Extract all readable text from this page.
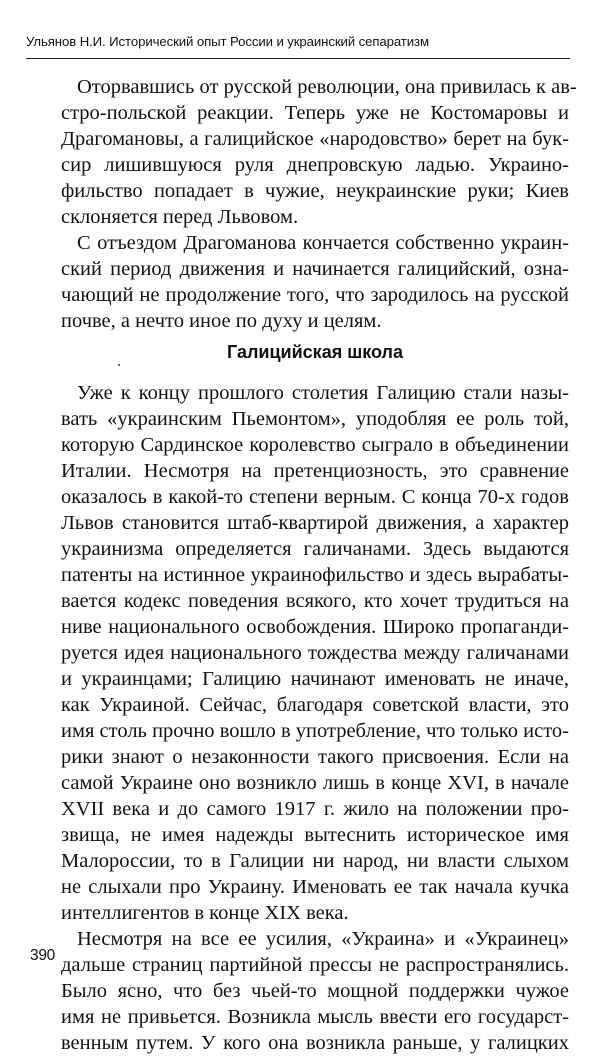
Ульянов Н.И. Исторический опыт России и украинский сепаратизм
Оторвавшись от русской революции, она привилась к ав-
стро-польской реакции. Теперь уже не Костомаровы и
Драгомановы, а галицийское «народовство» берет на бук-
сир лишившуюся руля днепровскую ладью. Украино-
фильство попадает в чужие, неукраинские руки; Киев
склоняется перед Львовом.
С отъездом Драгоманова кончается собственно украин-
ский период движения и начинается галицийский, озна-
чающий не продолжение того, что зародилось на русской
почве, а нечто иное по духу и целям.
Галицийская школа
Уже к концу прошлого столетия Галицию стали назы-
вать «украинским Пьемонтом», уподобляя ее роль той,
которую Сардинское королевство сыграло в объединении
Италии. Несмотря на претенциозность, это сравнение
оказалось в какой-то степени верным. С конца 70-х годов
Львов становится штаб-квартирой движения, а характер
украинизма определяется галичанами. Здесь выдаются
патенты на истинное украинофильство и здесь вырабаты-
вается кодекс поведения всякого, кто хочет трудиться на
ниве национального освобождения. Широко пропаганди-
руется идея национального тождества между галичанами
и украинцами; Галицию начинают именовать не иначе,
как Украиной. Сейчас, благодаря советской власти, это
имя столь прочно вошло в употребление, что только исто-
рики знают о незаконности такого присвоения. Если на
самой Украине оно возникло лишь в конце XVI, в начале
XVII века и до самого 1917 г. жило на положении про-
звища, не имея надежды вытеснить историческое имя
Малороссии, то в Галиции ни народ, ни власти слыхом
не слыхали про Украину. Именовать ее так начала кучка
интеллигентов в конце XIX века.
Несмотря на все ее усилия, «Украина» и «Украинец»
дальше страниц партийной прессы не распространялись.
Было ясно, что без чьей-то мощной поддержки чужое
имя не привьется. Возникла мысль ввести его государст-
венным путем. У кого она возникла раньше, у галицких
390
